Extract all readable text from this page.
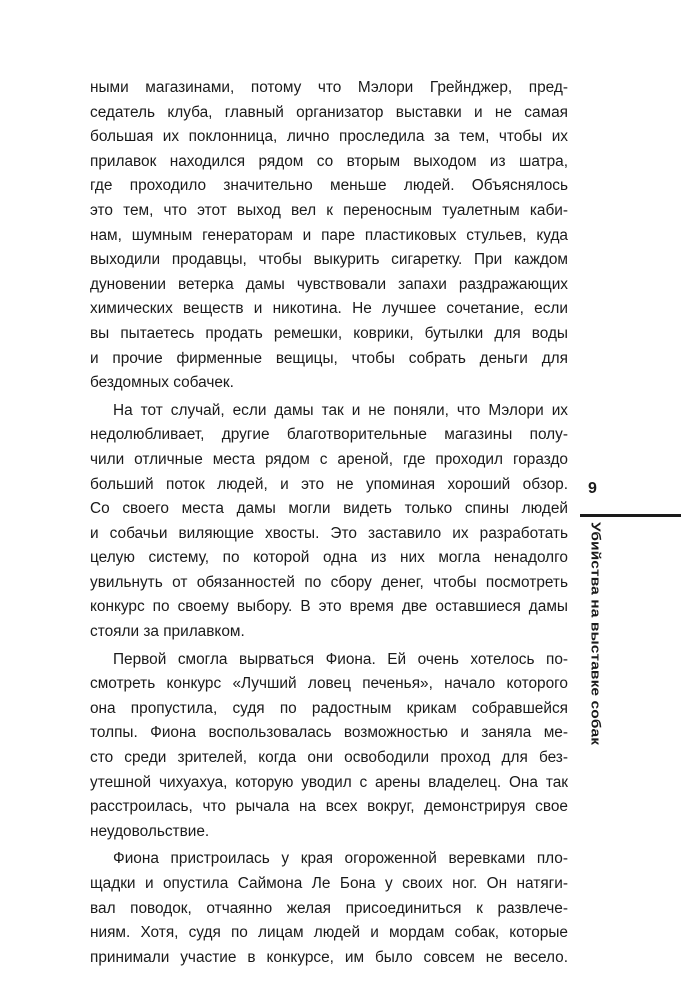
ными магазинами, потому что Мэлори Грейнджер, пред-
седатель клуба, главный организатор выставки и не самая
большая их поклонница, лично проследила за тем, чтобы их
прилавок находился рядом со вторым выходом из шатра,
где проходило значительно меньше людей. Объяснялось
это тем, что этот выход вел к переносным туалетным каби-
нам, шумным генераторам и паре пластиковых стульев, куда
выходили продавцы, чтобы выкурить сигаретку. При каждом
дуновении ветерка дамы чувствовали запахи раздражающих
химических веществ и никотина. Не лучшее сочетание, если
вы пытаетесь продать ремешки, коврики, бутылки для воды
и прочие фирменные вещицы, чтобы собрать деньги для
бездомных собачек.
На тот случай, если дамы так и не поняли, что Мэлори их
недолюбливает, другие благотворительные магазины полу-
чили отличные места рядом с ареной, где проходил гораздо
больший поток людей, и это не упоминая хороший обзор.
Со своего места дамы могли видеть только спины людей
и собачьи виляющие хвосты. Это заставило их разработать
целую систему, по которой одна из них могла ненадолго
увильнуть от обязанностей по сбору денег, чтобы посмотреть
конкурс по своему выбору. В это время две оставшиеся дамы
стояли за прилавком.
Первой смогла вырваться Фиона. Ей очень хотелось по-
смотреть конкурс «Лучший ловец печенья», начало которого
она пропустила, судя по радостным крикам собравшейся
толпы. Фиона воспользовалась возможностью и заняла ме-
сто среди зрителей, когда они освободили проход для без-
утешной чихуахуа, которую уводил с арены владелец. Она так
расстроилась, что рычала на всех вокруг, демонстрируя свое
неудовольствие.
Фиона пристроилась у края огороженной веревками пло-
щадки и опустила Саймона Ле Бона у своих ног. Он натяги-
вал поводок, отчаянно желая присоединиться к развлече-
ниям. Хотя, судя по лицам людей и мордам собак, которые
принимали участие в конкурсе, им было совсем не весело.
9
Убийства на выставке собак
